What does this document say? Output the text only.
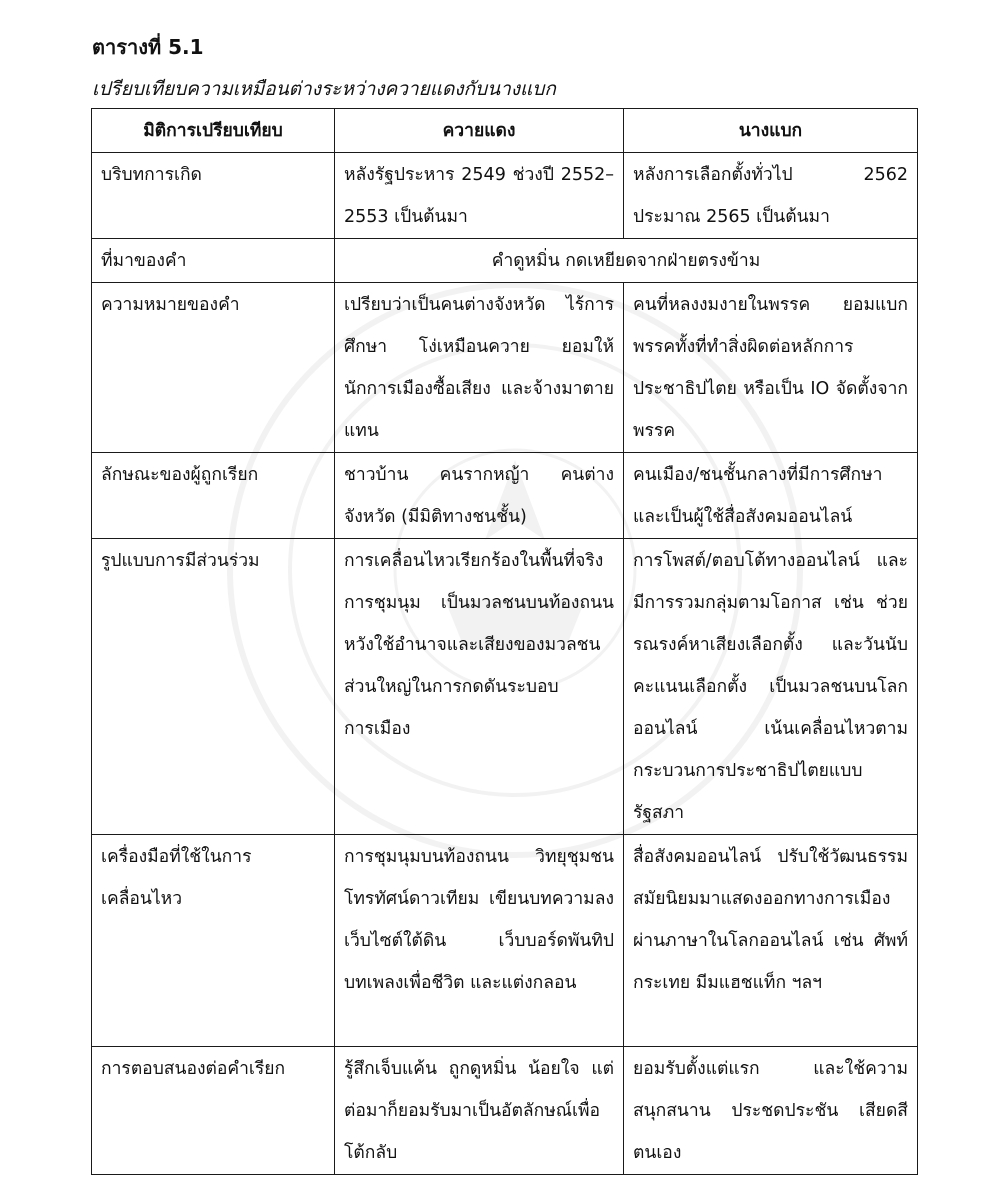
ตารางที่ 5.1

เปรียบเทียบความเหมือนต่างระหว่างควายแดงกับนางแบก

มิติการเปรียบเทียบ	ควายแดง	นางแบก
บริบทการเกิด	หลังรัฐประหาร 2549 ช่วงปี 2552–2553 เป็นต้นมา	หลังการเลือกตั้งทั่วไป 2562 ประมาณ 2565 เป็นต้นมา
ที่มาของคำ	คำดูหมิ่น กดเหยียดจากฝ่ายตรงข้าม	
ความหมายของคำ	เปรียบว่าเป็นคนต่างจังหวัด ไร้การศึกษา โง่เหมือนควาย ยอมให้นักการเมืองซื้อเสียง และจ้างมาตายแทน	คนที่หลงงมงายในพรรค ยอมแบกพรรคทั้งที่ทำสิ่งผิดต่อหลักการประชาธิปไตย หรือเป็น IO จัดตั้งจากพรรค
ลักษณะของผู้ถูกเรียก	ชาวบ้าน คนรากหญ้า คนต่างจังหวัด (มีมิติทางชนชั้น)	คนเมือง/ชนชั้นกลางที่มีการศึกษาและเป็นผู้ใช้สื่อสังคมออนไลน์
รูปแบบการมีส่วนร่วม	การเคลื่อนไหวเรียกร้องในพื้นที่จริง การชุมนุม เป็นมวลชนบนท้องถนน หวังใช้อำนาจและเสียงของมวลชนส่วนใหญ่ในการกดดันระบอบการเมือง	การโพสต์/ตอบโต้ทางออนไลน์ และมีการรวมกลุ่มตามโอกาส เช่น ช่วยรณรงค์หาเสียงเลือกตั้ง และวันนับคะแนนเลือกตั้ง เป็นมวลชนบนโลกออนไลน์ เน้นเคลื่อนไหวตามกระบวนการประชาธิปไตยแบบรัฐสภา
เครื่องมือที่ใช้ในการเคลื่อนไหว	การชุมนุมบนท้องถนน วิทยุชุมชน โทรทัศน์ดาวเทียม เขียนบทความลงเว็บไซต์ใต้ดิน เว็บบอร์ดพันทิป บทเพลงเพื่อชีวิต และแต่งกลอน	สื่อสังคมออนไลน์ ปรับใช้วัฒนธรรมสมัยนิยมมาแสดงออกทางการเมือง ผ่านภาษาในโลกออนไลน์ เช่น ศัพท์กระเทย มีมแฮชแท็ก ฯลฯ
การตอบสนองต่อคำเรียก	รู้สึกเจ็บแค้น ถูกดูหมิ่น น้อยใจ แต่ต่อมาก็ยอมรับมาเป็นอัตลักษณ์เพื่อโต้กลับ	ยอมรับตั้งแต่แรก และใช้ความสนุกสนาน ประชดประชัน เสียดสีตนเอง
